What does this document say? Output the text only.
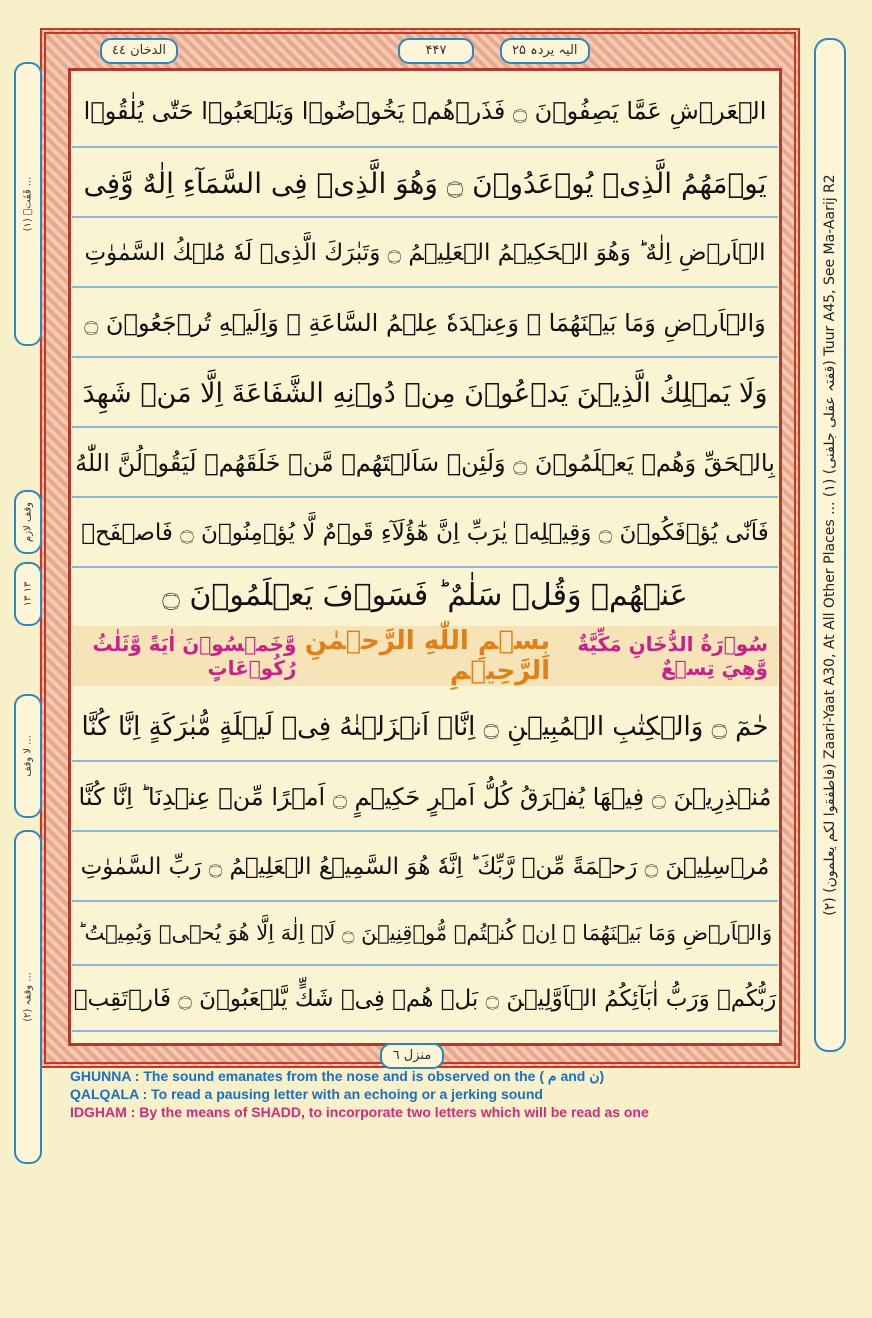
الیہ یردہ ۲۵
۴۴۷
الدخان ٤٤
(۲) (فاطفقوا لکم يعلمون) Zaari-Yaat A30, At All Other Places ... (۱) (قفتہ عقلی جلفنی) Tuur A45, See Ma-Aarij R2
(۱) قَفَتۡ ...
وقف لازم
۱۳ ۱۳
لا وقف ...
(۲) وقفہ ...
الۡعَرۡشِ عَمَّا يَصِفُوۡنَ ۝ فَذَرۡهُمۡ يَخُوۡضُوۡا وَيَلۡعَبُوۡا حَتّٰى يُلٰقُوۡا
يَوۡمَهُمُ الَّذِىۡ يُوۡعَدُوۡنَ ۝ وَهُوَ الَّذِىۡ فِى السَّمَآءِ اِلٰهٌ وَّفِى
الۡاَرۡضِ اِلٰهٌ ؕ وَهُوَ الۡحَكِيۡمُ الۡعَلِيۡمُ ۝ وَتَبٰرَكَ الَّذِىۡ لَهٗ مُلۡكُ السَّمٰوٰتِ
وَالۡاَرۡضِ وَمَا بَيۡنَهُمَا ۚ وَعِنۡدَهٗ عِلۡمُ السَّاعَةِ ۚ وَاِلَيۡهِ تُرۡجَعُوۡنَ ۝
وَلَا يَمۡلِكُ الَّذِيۡنَ يَدۡعُوۡنَ مِنۡ دُوۡنِهِ الشَّفَاعَةَ اِلَّا مَنۡ شَهِدَ
بِالۡحَقِّ وَهُمۡ يَعۡلَمُوۡنَ ۝ وَلَئِنۡ سَاَلۡتَهُمۡ مَّنۡ خَلَقَهُمۡ لَيَقُوۡلُنَّ اللّٰهُ
فَاَنّٰى يُؤۡفَكُوۡنَ ۝ وَقِيۡلِهٖ يٰرَبِّ اِنَّ هٰٓؤُلَآءِ قَوۡمٌ لَّا يُؤۡمِنُوۡنَ ۝ فَاصۡفَحۡ
عَنۡهُمۡ وَقُلۡ سَلٰمٌ ؕ فَسَوۡفَ يَعۡلَمُوۡنَ ۝
سُوۡرَةُ الدُّخَانِ مَكِّيَّةٌ وَّهِيَ تِسۡعٌ
بِسۡمِ اللّٰهِ الرَّحۡمٰنِ الرَّحِيۡمِ
وَّخَمۡسُوۡنَ اٰيَةً وَّثَلٰثُ رُكُوۡعَاتٍ
حٰمٓ ۝ وَالۡكِتٰبِ الۡمُبِيۡنِ ۝ اِنَّاۤ اَنۡزَلۡنٰهُ فِىۡ لَيۡلَةٍ مُّبٰرَكَةٍ اِنَّا كُنَّا
مُنۡذِرِيۡنَ ۝ فِيۡهَا يُفۡرَقُ كُلُّ اَمۡرٍ حَكِيۡمٍ ۝ اَمۡرًا مِّنۡ عِنۡدِنَا ؕ اِنَّا كُنَّا
مُرۡسِلِيۡنَ ۝ رَحۡمَةً مِّنۡ رَّبِّكَ ؕ اِنَّهٗ هُوَ السَّمِيۡعُ الۡعَلِيۡمُ ۝ رَبِّ السَّمٰوٰتِ
وَالۡاَرۡضِ وَمَا بَيۡنَهُمَا ۘ اِنۡ كُنۡتُمۡ مُّوۡقِنِيۡنَ ۝ لَاۤ اِلٰهَ اِلَّا هُوَ يُحۡىٖ وَيُمِيۡتُ ؕ
رَبُّكُمۡ وَرَبُّ اٰبَآئِكُمُ الۡاَوَّلِيۡنَ ۝ بَلۡ هُمۡ فِىۡ شَكٍّ يَّلۡعَبُوۡنَ ۝ فَارۡتَقِبۡ
منزل ٦
GHUNNA : The sound emanates from the nose and is observed on the ( م and ن)
QALQALA : To read a pausing letter with an echoing or a jerking sound
IDGHAM : By the means of SHADD, to incorporate two letters which will be read as one
